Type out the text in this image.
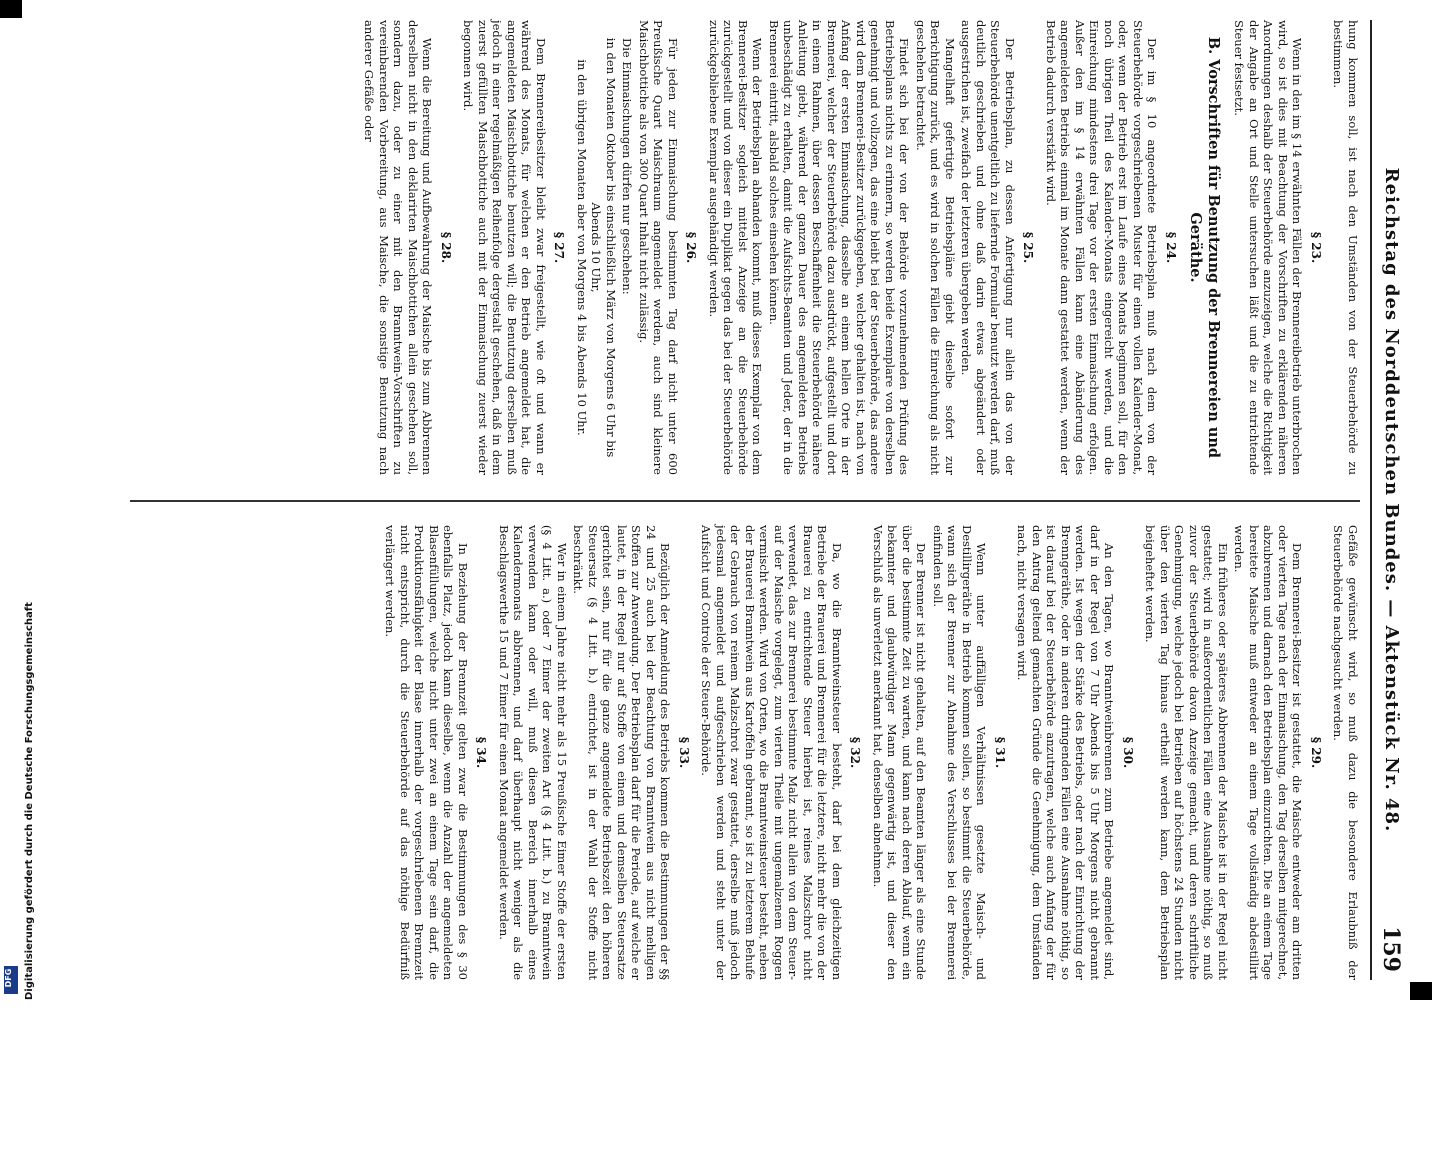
Digitalisierung gefördert durch die Deutsche Forschungsgemeinschaft
DFG
Reichstag des Norddeutschen Bundes. — Aktenstück Nr. 48.
159

hung kommen soll, ist nach den Umständen von der Steuerbehörde zu bestimmen.

§ 23.

Wenn in den im § 14 erwähnten Fällen der Brennereibetrieb unterbrochen wird, so ist dies mit Beachtung der Vorschriften zu erklärenden näheren Anordnungen deshalb der Steuerbehörde anzuzeigen, welche die Richtigkeit der Angabe an Ort und Stelle untersuchen läßt und die zu entrichtende Steuer festsetzt.

B. Vorschriften für Benutzung der Brennereien und Geräthe.

§ 24.

Der im § 10 angeordnete Betriebsplan muß nach dem von der Steuerbehörde vorgeschriebenen Muster für einen vollen Kalender-Monat, oder, wenn der Betrieb erst im Laufe eines Monats beginnen soll, für den noch übrigen Theil des Kalender-Monats eingereicht werden, und die Einreichung mindestens drei Tage vor der ersten Einmaischung erfolgen. Außer den im § 14 erwähnten Fällen kann eine Abänderung des angemeldeten Betriebs einmal im Monate dann gestattet werden, wenn der Betrieb dadurch verstärkt wird.

§ 25.

Der Betriebsplan, zu dessen Anfertigung nur allein das von der Steuerbehörde unentgeltlich zu liefernde Formular benutzt werden darf, muß deutlich geschrieben und ohne daß darin etwas abgeändert oder ausgestrichen ist, zweifach der letzteren übergeben werden.

Mangelhaft gefertigte Betriebspläne giebt dieselbe sofort zur Berichtigung zurück, und es wird in solchen Fällen die Einreichung als nicht geschehen betrachtet.

Findet sich bei der von der Behörde vorzunehmenden Prüfung des Betriebsplans nichts zu erinnern, so werden beide Exemplare von derselben genehmigt und vollzogen, das eine bleibt bei der Steuerbehörde, das andere wird dem Brennerei-Besitzer zurückgegeben, welcher gehalten ist, nach von Anfang der ersten Einmaischung, dasselbe an einem hellen Orte in der Brennerei, welcher der Steuerbehörde dazu ausdrückt, aufgestellt und dort in einem Rahmen, über dessen Beschaffenheit die Steuerbehörde nähere Anleitung giebt, während der ganzen Dauer des angemeldeten Betriebs unbeschädigt zu erhalten, damit die Aufsichts-Beamten und Jeder, der in die Brennerei eintritt, alsbald solches einsehen können.

Wenn der Betriebsplan abhanden kommt, muß dieses Exemplar von dem Brennerei-Besitzer sogleich mittelst Anzeige an die Steuerbehörde zurückgestellt und von dieser ein Duplikat gegen das bei der Steuerbehörde zurückgebliebene Exemplar ausgehändigt werden.

§ 26.

Für jeden zur Einmaischung bestimmten Tag darf nicht unter 600 Preußische Quart Maischraum angemeldet werden, auch sind kleinere Maischbottiche als von 300 Quart Inhalt nicht zulässig.

Die Einmaischungen dürfen nur geschehen:

in den Monaten Oktober bis einschließlich März von Morgens 6 Uhr bis Abends 10 Uhr,

in den übrigen Monaten aber von Morgens 4 bis Abends 10 Uhr.

§ 27.

Dem Brennereibesitzer bleibt zwar freigestellt, wie oft und wann er während des Monats, für welchen er den Betrieb angemeldet hat, die angemeldeten Maischbottiche benutzen will; die Benutzung derselben muß jedoch in einer regelmäßigen Reihenfolge dergestalt geschehen, daß in dem zuerst gefüllten Maischbottiche auch mit der Einmaischung zuerst wieder begonnen wird.

§ 28.

Wenn die Bereitung und Aufbewahrung der Maische bis zum Abbrennen derselben nicht in den deklarirten Maischbottichen allein geschehen soll, sondern dazu, oder zu einer mit den Branntwein-Vorschriften zu vereinbarenden Vorbereitung, aus Maische, die sonstige Benutzung nach anderer Gefäße oder

Gefäße gewünscht wird, so muß dazu die besondere Erlaubniß der Steuerbehörde nachgesucht werden.

§ 29.

Dem Brennerei-Besitzer ist gestattet, die Maische entweder am dritten oder vierten Tage nach der Einmaischung, den Tag derselben mitgerechnet, abzubrennen und darnach den Betriebsplan einzurichten. Die an einem Tage bereitete Maische muß entweder an einem Tage vollständig abdestillirt werden.

Ein früheres oder späteres Abbrennen der Maische ist in der Regel nicht gestattet; wird in außerordentlichen Fällen eine Ausnahme nöthig, so muß zuvor der Steuerbehörde davon Anzeige gemacht, und deren schriftliche Genehmigung, welche jedoch bei Betrieben auf höchstens 24 Stunden nicht über den vierten Tag hinaus ertheilt werden kann, dem Betriebsplan beigeheftet werden.

§ 30.

An den Tagen, wo Branntweinbrennen zum Betriebe angemeldet sind, darf in der Regel von 7 Uhr Abends bis 5 Uhr Morgens nicht gebrannt werden. Ist wegen der Stärke des Betriebs, oder nach der Einrichtung der Brenngeräthe, oder in anderen dringenden Fällen eine Ausnahme nöthig, so ist darauf bei der Steuerbehörde anzutragen, welche auch Anfang der für den Antrag geltend gemachten Gründe die Genehmigung, dem Umständen nach, nicht versagen wird.

§ 31.

Wenn unter auffälligen Verhältnissen gesetzte Maisch- und Destillirgeräthe in Betrieb kommen sollen, so bestimmt die Steuerbehörde, wann sich der Brenner zur Abnahme des Verschlusses bei der Brennerei einfinden soll.

Der Brenner ist nicht gehalten, auf den Beamten länger als eine Stunde über die bestimmte Zeit zu warten, und kann nach deren Ablauf, wenn ein bekannter und glaubwürdiger Mann gegenwärtig ist, und dieser den Verschluß als unverletzt anerkannt hat, denselben abnehmen.

§ 32.

Da, wo die Branntweinsteuer besteht, darf bei dem gleichzeitigen Betriebe der Brauerei und Brennerei für die letztere, nicht mehr die von der Brauerei zu entrichtende Steuer hierbei ist, reines Malzschrot nicht verwendet, das zur Brennerei bestimmte Malz nicht allein von dem Steuer- auf der Maische vorgelegt, zum vierten Theile mit ungemalzenem Roggen vermischt werden. Wird von Orten, wo die Branntweinsteuer besteht, neben der Brauerei Branntwein aus Kartoffeln gebrannt, so ist zu letzterem Behufe der Gebrauch von reinem Malzschrot zwar gestattet, derselbe muß jedoch jedesmal angemeldet und aufgeschrieben werden und steht unter der Aufsicht und Controle der Steuer-Behörde.

§ 33.

Bezüglich der Anmeldung des Betriebs kommen die Bestimmungen der §§ 24 und 25 auch bei der Beachtung von Branntwein aus nicht mehligen Stoffen zur Anwendung. Der Betriebsplan darf für die Periode, auf welche er lautet, in der Regel nur auf Stoffe von einem und demselben Steuersatze gerichtet sein, nur für die ganze angemeldete Betriebszeit den höheren Steuersatz (§ 4 Litt. b.) entrichtet, ist in der Wahl der Stoffe nicht beschränkt.

Wer in einem Jahre nicht mehr als 15 Preußische Eimer Stoffe der ersten (§ 4 Litt. a.) oder 7 Eimer der zweiten Art (§ 4 Litt. b.) zu Branntwein verwenden kann oder will, muß diesen Bereich innerhalb eines Kalendermonats abbrennen, und darf überhaupt nicht weniger als die Beschlagswerthe 15 und 7 Eimer für einen Monat angemeldet werden.

§ 34.

In Beziehung der Brennzeit gelten zwar die Bestimmungen des § 30 ebenfalls Platz, jedoch kann dieselbe, wenn die Anzahl der angemeldeten Blasenfüllungen, welche nicht unter zwei an einem Tage sein darf, die Produktionsfähigkeit der Blase innerhalb der vorgeschriebenen Brennzeit nicht entspricht, durch die Steuerbehörde auf das nöthige Bedürfniß verlängert werden.
